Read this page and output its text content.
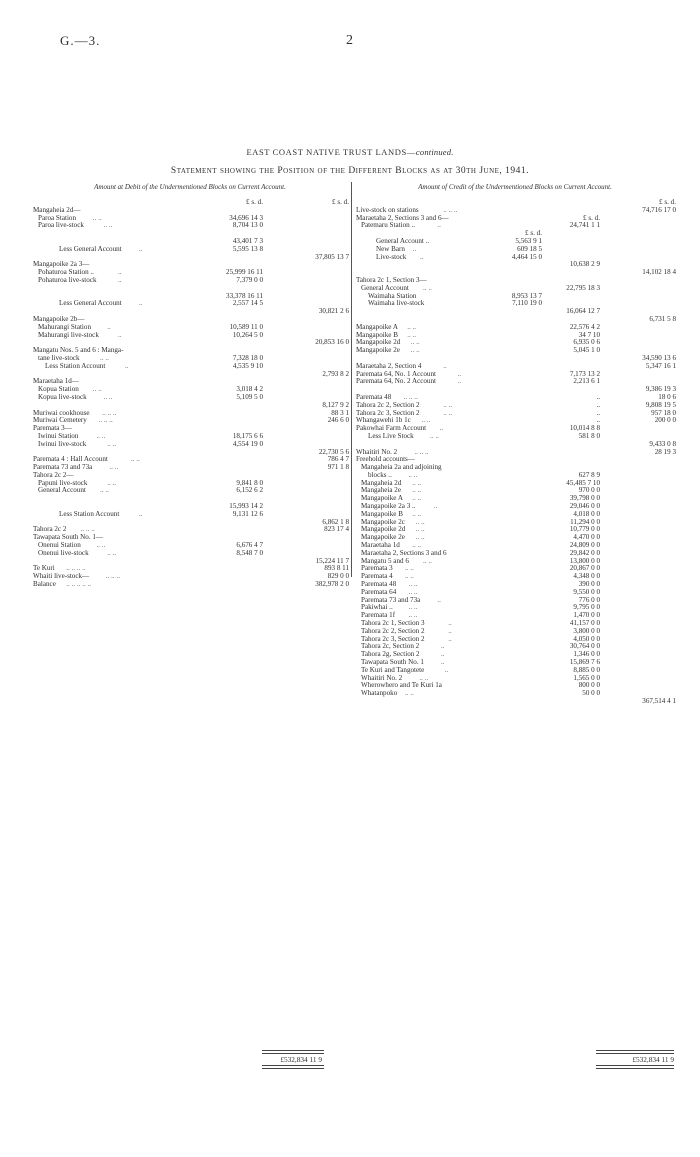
G.—3.	2
EAST COAST NATIVE TRUST LANDS—continued.
Statement showing the Position of the Different Blocks as at 30th June, 1941.
Amount at Debit of the Undermentioned Blocks on Current Account.	Amount of Credit of the Undermentioned Blocks on Current Account.
£ s. d.	£ s. d.
Mangaheia 2d—
Paroa Station .. ..	34,696 14 3
Paroa live-stock	.. ..	8,704 13 0
43,401 7 3
Less General Account ..	5,595 13 8
37,805 13 7
Mangapoike 2a 3—
Pohaturoa Station ..	..	25,999 16 11
Pohaturoa live-stock	..	7,379 0 0
33,378 16 11
Less General Account ..	2,557 14 5
30,821 2 6
Mangapoike 2b—
Mahurangi Station ..	10,589 11 0
Mahurangi live-stock	..	10,264 5 0
20,853 16 0
Mangatu Nos. 5 and 6 : Manga-
tane live-stock	.. ..	7,328 18 0
Less Station Account	..	4,535 9 10
2,793 8 2
Maraetaha 1d—
Kopua Station .. ..	3,018 4 2
Kopua live-stock .. ..	5,109 5 0
8,127 9 2
Muriwai cookhouse .. .. ..	88 3 1
Muriwai Cemetery .. .. ..	246 6 0
Paremata 3—
Iwinui Station	.. ..	18,175 6 6
Iwinui live-stock	.. ..	4,554 19 0
22,730 5 6
Paremata 4 : Hall Account	.. ..	786 4 7
Parematа 73 and 73a .. ..	971 1 8
Tahora 2c 2—
Papuni live-stock	.. ..	9,841 8 0
General Account .. ..	6,152 6 2
15,993 14 2
Less Station Account	..	9,131 12 6
6,862 1 8
Tahora 2c 2 .. .. ..	823 17 4
Tawapata South No. 1—
Onenui Station .. ..	6,676 4 7
Onenui live-stock	.. ..	8,548 7 0
15,224 11 7
Te Kuri .. .. .. ..	893 8 11
Whaiti live-stock— .. .. ..	829 0 0
Balance .. .. .. .. ..	382,978 2 0
£ s. d.
Live-stock on stations	.. .. ..	74,716 17 0
Maraetaha 2, Sections 3 and 6—	£ s. d.
Patemaru Station ..	..	24,741 1 1
£ s. d.
General Account ..	5,563 9 1
New Barn ..	609 18 5
Live-stock ..	4,464 15 0
10,638 2 9
14,102 18 4
Tahora 2c 1, Section 3—
General Account .. ..	22,795 18 3
Waimaha Station	8,953 13 7
Waimaha live-stock	7,110 19 0
16,064 12 7
6,731 5 8
Mangapoike A .. ..	22,576 4 2
Mangapoike B .. ..	34 7 10
Mangapoike 2d .. ..	6,935 0 6
Mangapoike 2e .. ..	5,045 1 0
34,590 13 6
Maraetaha 2, Section 4	..	5,347 16 1
Parematа 64, No. 1 Account	..	7,173 13 2
Parematа 64, No. 2 Account	..	2,213 6 1
9,386 19 3
Parematа 48 .. .. ..	..	18 0 6
Tahora 2c 2, Section 2	.. ..	..	9,808 19 5
Tahora 2c 3, Section 2	.. ..	..	957 18 0
Whangawehi 1b 1c .. ..	..	200 0 0
Pakowhai Farm Account ..	10,014 8 8
Less Live Stock .. ..	581 8 0
9,433 0 8
Whaitiri No. 2 .. .. ..	28 19 3
Freehold accounts—
Mangaheia 2a and adjoining
blocks .. .. ..	627 8 9
Mangaheia 2d .. ..	45,485 7 10
Mangaheia 2e .. ..	970 0 0
Mangapoike A .. ..	39,798 0 0
Mangapoike 2a 3 ..	..	29,046 0 0
Mangapoike B .. ..	4,018 0 0
Mangapoike 2c .. ..	11,294 0 0
Mangapoike 2d .. ..	10,779 0 0
Mangapoike 2e .. ..	4,470 0 0
Maraetaha 1d .. ..	24,809 0 0
Maraetaha 2, Sections 3 and 6	29,842 0 0
Mangatu 5 and 6 .. ..	13,800 0 0
Parematа 3 .. ..	20,867 0 0
Parematа 4 .. ..	4,348 0 0
Parematа 48 .. ..	390 0 0
Parematа 64 .. ..	9,550 0 0
Parematа 73 and 73a ..	776 0 0
Pakiwhai .. .. ..	9,795 0 0
Parematа 1f .. ..	1,470 0 0
Tahora 2c 1, Section 3	..	41,157 0 0
Tahora 2c 2, Section 2	..	3,800 0 0
Tahora 2c 3, Section 2	..	4,050 0 0
Tahora 2c, Section 2	..	30,764 0 0
Tahora 2g, Section 2	..	1,346 0 0
Tawapata South No. 1 ..	15,869 7 6
Te Kuri and Tangotete	..	8,885 0 0
Whaitiri No. 2 .. ..	1,565 0 0
Wherowhero and Te Kuri 1a	800 0 0
Whatanpoko .. ..	50 0 0
367,514 4 1
£532,834 11 9	£532,834 11 9
